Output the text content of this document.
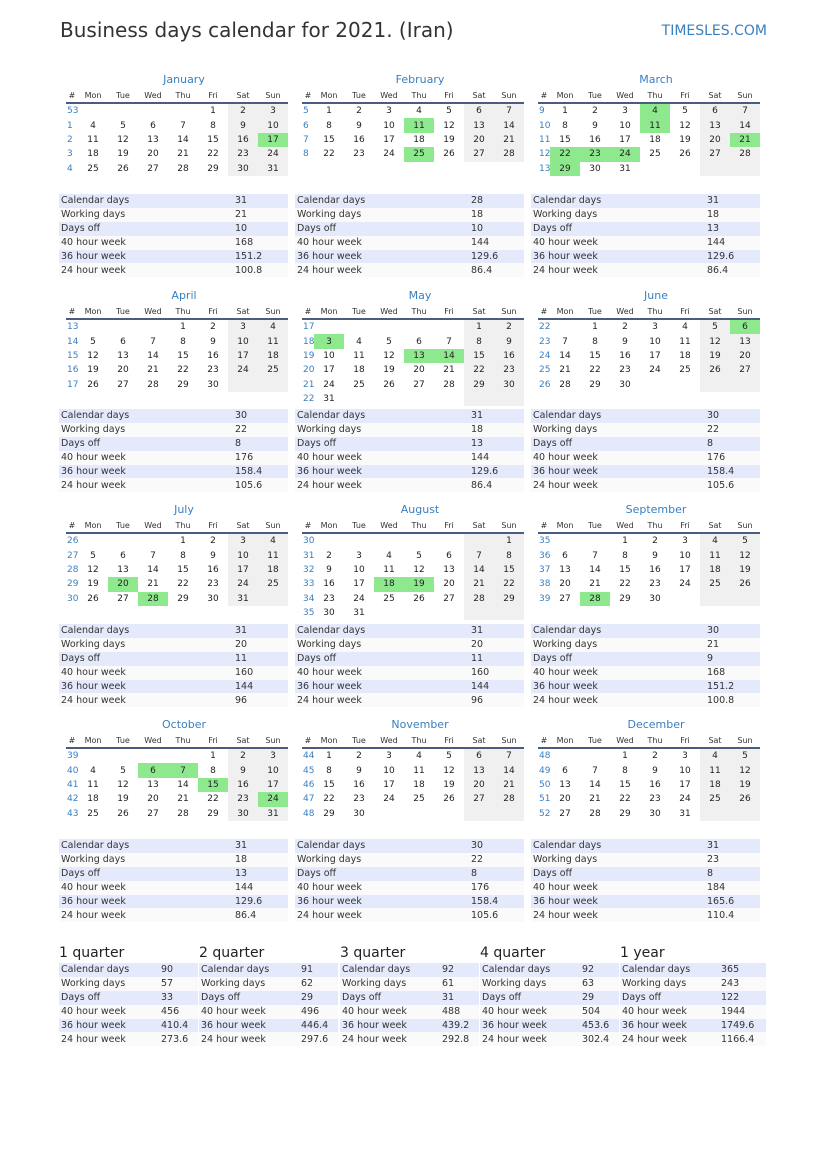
Business days calendar for 2021. (Iran)	TIMESLES.COM
January
#	Mon	Tue	Wed	Thu	Fri	Sat	Sun
53					1	2	3
1	4	5	6	7	8	9	10
2	11	12	13	14	15	16	17
3	18	19	20	21	22	23	24
4	25	26	27	28	29	30	31
Calendar days	31
Working days	21
Days off	10
40 hour week	168
36 hour week	151.2
24 hour week	100.8
February
#	Mon	Tue	Wed	Thu	Fri	Sat	Sun
5	1	2	3	4	5	6	7
6	8	9	10	11	12	13	14
7	15	16	17	18	19	20	21
8	22	23	24	25	26	27	28
Calendar days	28
Working days	18
Days off	10
40 hour week	144
36 hour week	129.6
24 hour week	86.4
March
#	Mon	Tue	Wed	Thu	Fri	Sat	Sun
9	1	2	3	4	5	6	7
10	8	9	10	11	12	13	14
11	15	16	17	18	19	20	21
12	22	23	24	25	26	27	28
13	29	30	31				
Calendar days	31
Working days	18
Days off	13
40 hour week	144
36 hour week	129.6
24 hour week	86.4
April
#	Mon	Tue	Wed	Thu	Fri	Sat	Sun
13				1	2	3	4
14	5	6	7	8	9	10	11
15	12	13	14	15	16	17	18
16	19	20	21	22	23	24	25
17	26	27	28	29	30		
Calendar days	30
Working days	22
Days off	8
40 hour week	176
36 hour week	158.4
24 hour week	105.6
May
#	Mon	Tue	Wed	Thu	Fri	Sat	Sun
17						1	2
18	3	4	5	6	7	8	9
19	10	11	12	13	14	15	16
20	17	18	19	20	21	22	23
21	24	25	26	27	28	29	30
22	31						
Calendar days	31
Working days	18
Days off	13
40 hour week	144
36 hour week	129.6
24 hour week	86.4
June
#	Mon	Tue	Wed	Thu	Fri	Sat	Sun
22		1	2	3	4	5	6
23	7	8	9	10	11	12	13
24	14	15	16	17	18	19	20
25	21	22	23	24	25	26	27
26	28	29	30				
Calendar days	30
Working days	22
Days off	8
40 hour week	176
36 hour week	158.4
24 hour week	105.6
July
#	Mon	Tue	Wed	Thu	Fri	Sat	Sun
26				1	2	3	4
27	5	6	7	8	9	10	11
28	12	13	14	15	16	17	18
29	19	20	21	22	23	24	25
30	26	27	28	29	30	31	
Calendar days	31
Working days	20
Days off	11
40 hour week	160
36 hour week	144
24 hour week	96
August
#	Mon	Tue	Wed	Thu	Fri	Sat	Sun
30							1
31	2	3	4	5	6	7	8
32	9	10	11	12	13	14	15
33	16	17	18	19	20	21	22
34	23	24	25	26	27	28	29
35	30	31					
Calendar days	31
Working days	20
Days off	11
40 hour week	160
36 hour week	144
24 hour week	96
September
#	Mon	Tue	Wed	Thu	Fri	Sat	Sun
35			1	2	3	4	5
36	6	7	8	9	10	11	12
37	13	14	15	16	17	18	19
38	20	21	22	23	24	25	26
39	27	28	29	30			
Calendar days	30
Working days	21
Days off	9
40 hour week	168
36 hour week	151.2
24 hour week	100.8
October
#	Mon	Tue	Wed	Thu	Fri	Sat	Sun
39					1	2	3
40	4	5	6	7	8	9	10
41	11	12	13	14	15	16	17
42	18	19	20	21	22	23	24
43	25	26	27	28	29	30	31
Calendar days	31
Working days	18
Days off	13
40 hour week	144
36 hour week	129.6
24 hour week	86.4
November
#	Mon	Tue	Wed	Thu	Fri	Sat	Sun
44	1	2	3	4	5	6	7
45	8	9	10	11	12	13	14
46	15	16	17	18	19	20	21
47	22	23	24	25	26	27	28
48	29	30					
Calendar days	30
Working days	22
Days off	8
40 hour week	176
36 hour week	158.4
24 hour week	105.6
December
#	Mon	Tue	Wed	Thu	Fri	Sat	Sun
48			1	2	3	4	5
49	6	7	8	9	10	11	12
50	13	14	15	16	17	18	19
51	20	21	22	23	24	25	26
52	27	28	29	30	31		
Calendar days	31
Working days	23
Days off	8
40 hour week	184
36 hour week	165.6
24 hour week	110.4
1 quarter
Calendar days	90
Working days	57
Days off	33
40 hour week	456
36 hour week	410.4
24 hour week	273.6
2 quarter
Calendar days	91
Working days	62
Days off	29
40 hour week	496
36 hour week	446.4
24 hour week	297.6
3 quarter
Calendar days	92
Working days	61
Days off	31
40 hour week	488
36 hour week	439.2
24 hour week	292.8
4 quarter
Calendar days	92
Working days	63
Days off	29
40 hour week	504
36 hour week	453.6
24 hour week	302.4
1 year
Calendar days	365
Working days	243
Days off	122
40 hour week	1944
36 hour week	1749.6
24 hour week	1166.4
